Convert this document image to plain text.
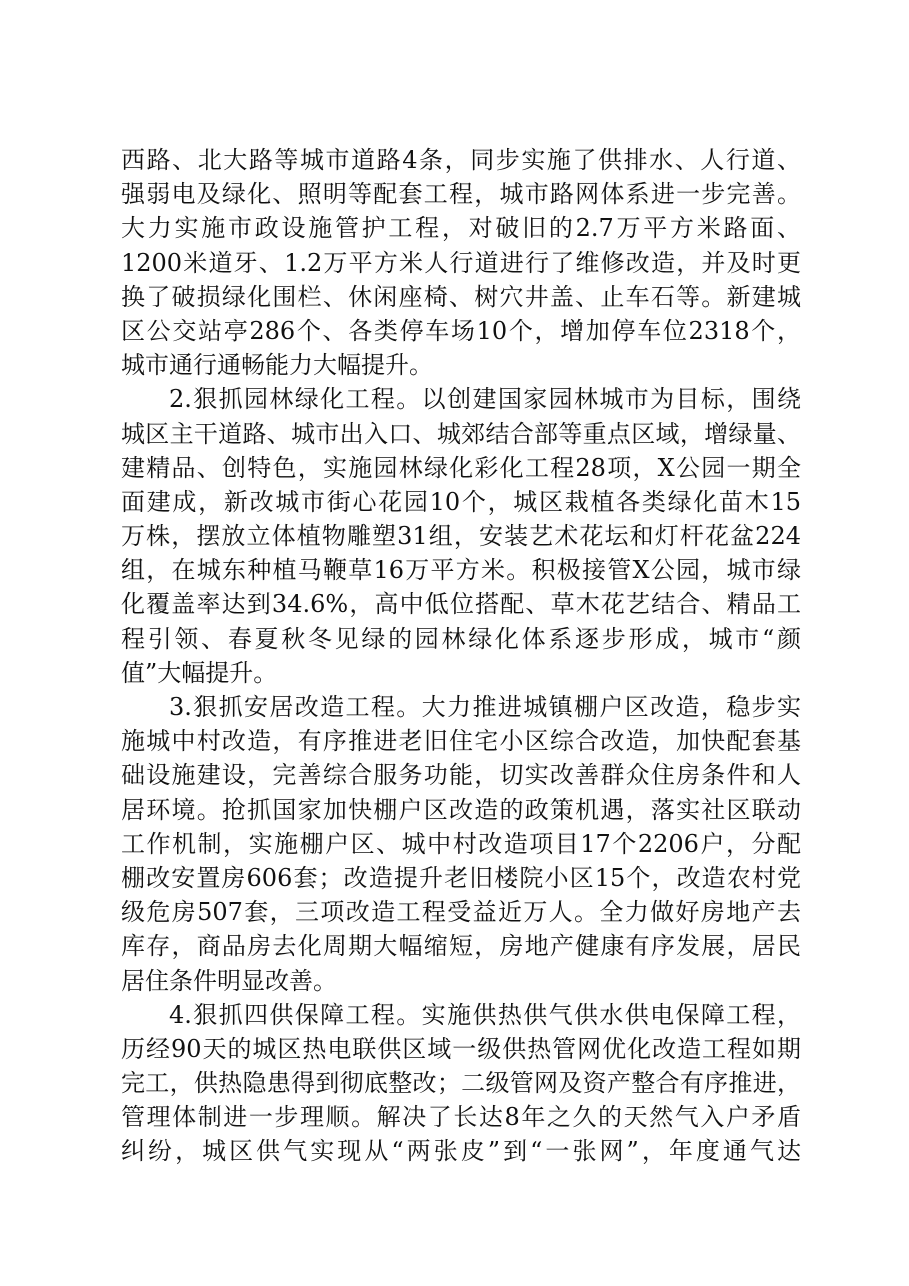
西路、北大路等城市道路4条，同步实施了供排水、人行道、
强弱电及绿化、照明等配套工程，城市路网体系进一步完善。
大力实施市政设施管护工程，对破旧的2.7万平方米路面、
1200米道牙、1.2万平方米人行道进行了维修改造，并及时更
换了破损绿化围栏、休闲座椅、树穴井盖、止车石等。新建城
区公交站亭286个、各类停车场10个，增加停车位2318个，
城市通行通畅能力大幅提升。
2.狠抓园林绿化工程。以创建国家园林城市为目标，围绕
城区主干道路、城市出入口、城郊结合部等重点区域，增绿量、
建精品、创特色，实施园林绿化彩化工程28项，X公园一期全
面建成，新改城市街心花园10个，城区栽植各类绿化苗木15
万株，摆放立体植物雕塑31组，安装艺术花坛和灯杆花盆224
组，在城东种植马鞭草16万平方米。积极接管X公园，城市绿
化覆盖率达到34.6%，高中低位搭配、草木花艺结合、精品工
程引领、春夏秋冬见绿的园林绿化体系逐步形成，城市“颜
值”大幅提升。
3.狠抓安居改造工程。大力推进城镇棚户区改造，稳步实
施城中村改造，有序推进老旧住宅小区综合改造，加快配套基
础设施建设，完善综合服务功能，切实改善群众住房条件和人
居环境。抢抓国家加快棚户区改造的政策机遇，落实社区联动
工作机制，实施棚户区、城中村改造项目17个2206户，分配
棚改安置房606套；改造提升老旧楼院小区15个，改造农村党
级危房507套，三项改造工程受益近万人。全力做好房地产去
库存，商品房去化周期大幅缩短，房地产健康有序发展，居民
居住条件明显改善。
4.狠抓四供保障工程。实施供热供气供水供电保障工程，
历经90天的城区热电联供区域一级供热管网优化改造工程如期
完工，供热隐患得到彻底整改；二级管网及资产整合有序推进，
管理体制进一步理顺。解决了长达8年之久的天然气入户矛盾
纠纷，城区供气实现从“两张皮”到“一张网”，年度通气达
